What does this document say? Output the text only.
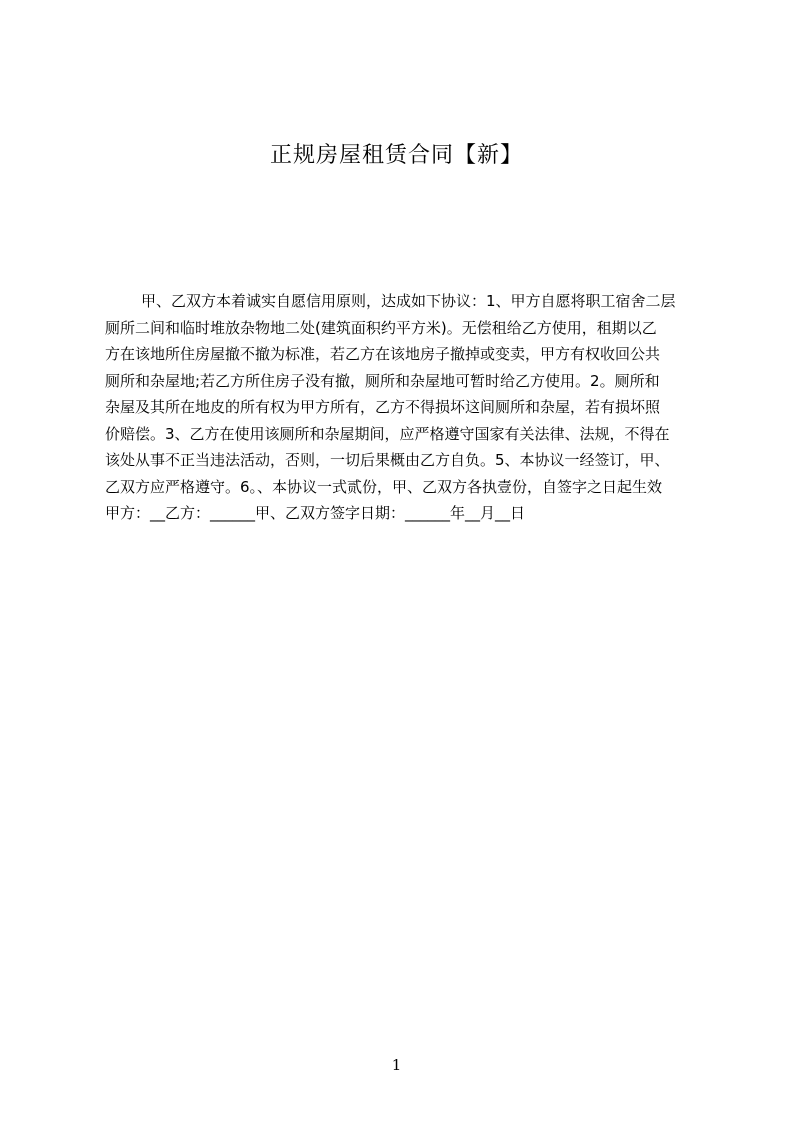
正规房屋租赁合同【新】
甲、乙双方本着诚实自愿信用原则，达成如下协议：1、甲方自愿将职工宿舍二层
厕所二间和临时堆放杂物地二处(建筑面积约平方米)。无偿租给乙方使用，租期以乙
方在该地所住房屋撤不撤为标准，若乙方在该地房子撤掉或变卖，甲方有权收回公共
厕所和杂屋地;若乙方所住房子没有撤，厕所和杂屋地可暂时给乙方使用。2。厕所和
杂屋及其所在地皮的所有权为甲方所有，乙方不得损坏这间厕所和杂屋，若有损坏照
价赔偿。3、乙方在使用该厕所和杂屋期间，应严格遵守国家有关法律、法规，不得在
该处从事不正当违法活动，否则，一切后果概由乙方自负。5、本协议一经签订，甲、
乙双方应严格遵守。6。、本协议一式贰份，甲、乙双方各执壹份，自签字之日起生效
甲方：__乙方：______甲、乙双方签字日期：______年__月__日
1
